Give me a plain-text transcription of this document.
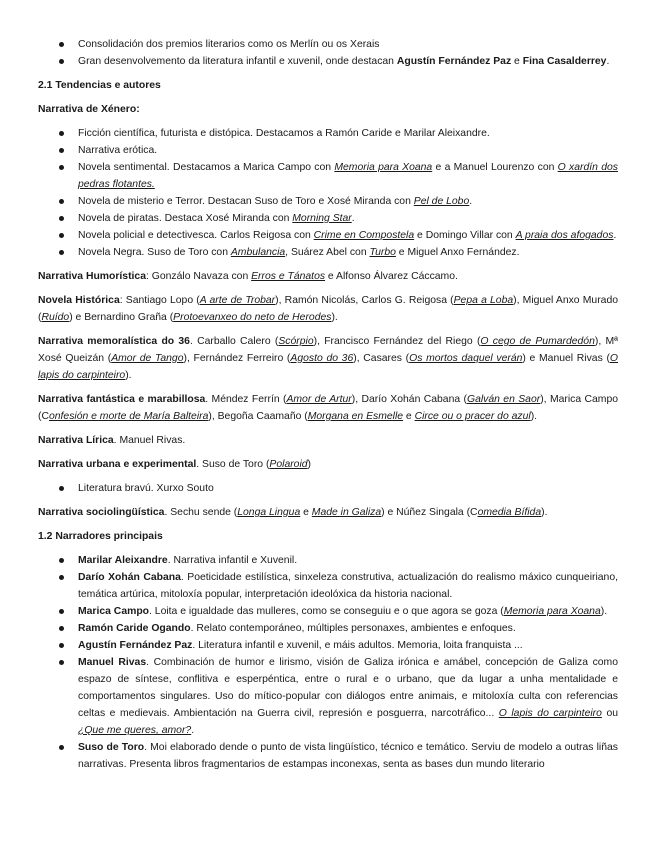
Consolidación dos premios literarios como os Merlín ou os Xerais
Gran desenvolvemento da literatura infantil e xuvenil, onde destacan Agustín Fernández Paz e Fina Casalderrey.

2.1 Tendencias e autores

Narrativa de Xénero:

Ficción científica, futurista e distópica. Destacamos a Ramón Caride e Marilar Aleixandre.
Narrativa erótica.
Novela sentimental. Destacamos a Marica Campo con Memoria para Xoana e a Manuel Lourenzo con O xardín dos pedras flotantes.
Novela de misterio e Terror. Destacan Suso de Toro e Xosé Miranda con Pel de Lobo.
Novela de piratas. Destaca Xosé Miranda con Morning Star.
Novela policial e detectivesca. Carlos Reigosa con Crime en Compostela e Domingo Villar con A praia dos afogados.
Novela Negra. Suso de Toro con Ambulancia, Suárez Abel con Turbo e Miguel Anxo Fernández.

Narrativa Humorística: Gonzálo Navaza con Erros e Tánatos e Alfonso Álvarez Cáccamo.

Novela Histórica: Santiago Lopo (A arte de Trobar), Ramón Nicolás, Carlos G. Reigosa (Pepa a Loba), Miguel Anxo Murado (Ruído) e Bernardino Graña (Protoevanxeo do neto de Herodes).

Narrativa memoralística do 36. Carballo Calero (Scórpio), Francisco Fernández del Riego (O cego de Pumardedón), Mª Xosé Queizán (Amor de Tango), Fernández Ferreiro (Agosto do 36), Casares (Os mortos daquel verán) e Manuel Rivas (O lapis do carpinteiro).

Narrativa fantástica e marabillosa. Méndez Ferrín (Amor de Artur), Darío Xohán Cabana (Galván en Saor), Marica Campo (Confesión e morte de María Balteira), Begoña Caamaño (Morgana en Esmelle e Circe ou o pracer do azul).

Narrativa Lírica. Manuel Rivas.

Narrativa urbana e experimental. Suso de Toro (Polaroid)

Literatura bravú. Xurxo Souto

Narrativa sociolingüística. Sechu sende (Longa Lingua e Made in Galiza) e Núñez Singala (Comedia Bífida).

1.2 Narradores principais

Marilar Aleixandre. Narrativa infantil e Xuvenil.
Darío Xohán Cabana. Poeticidade estilística, sinxeleza construtiva, actualización do realismo máxico cunqueiriano, temática artúrica, mitoloxía popular, interpretación ideolóxica da historia nacional.
Marica Campo. Loita e igualdade das mulleres, como se conseguiu e o que agora se goza (Memoria para Xoana).
Ramón Caride Ogando. Relato contemporáneo, múltiples personaxes, ambientes e enfoques.
Agustín Fernández Paz. Literatura infantil e xuvenil, e máis adultos. Memoria, loita franquista ...
Manuel Rivas. Combinación de humor e lirismo, visión de Galiza irónica e amábel, concepción de Galiza como espazo de síntese, conflitiva e esperpéntica, entre o rural e o urbano, que da lugar a unha mentalidade e comportamentos singulares. Uso do mítico-popular con diálogos entre animais, e mitoloxía culta con referencias celtas e medievais. Ambientación na Guerra civil, represión e posguerra, narcotráfico... O lapis do carpinteiro ou ¿Que me queres, amor?.
Suso de Toro. Moi elaborado dende o punto de vista lingüístico, técnico e temático. Serviu de modelo a outras liñas narrativas. Presenta libros fragmentarios de estampas inconexas, senta as bases dun mundo literario
